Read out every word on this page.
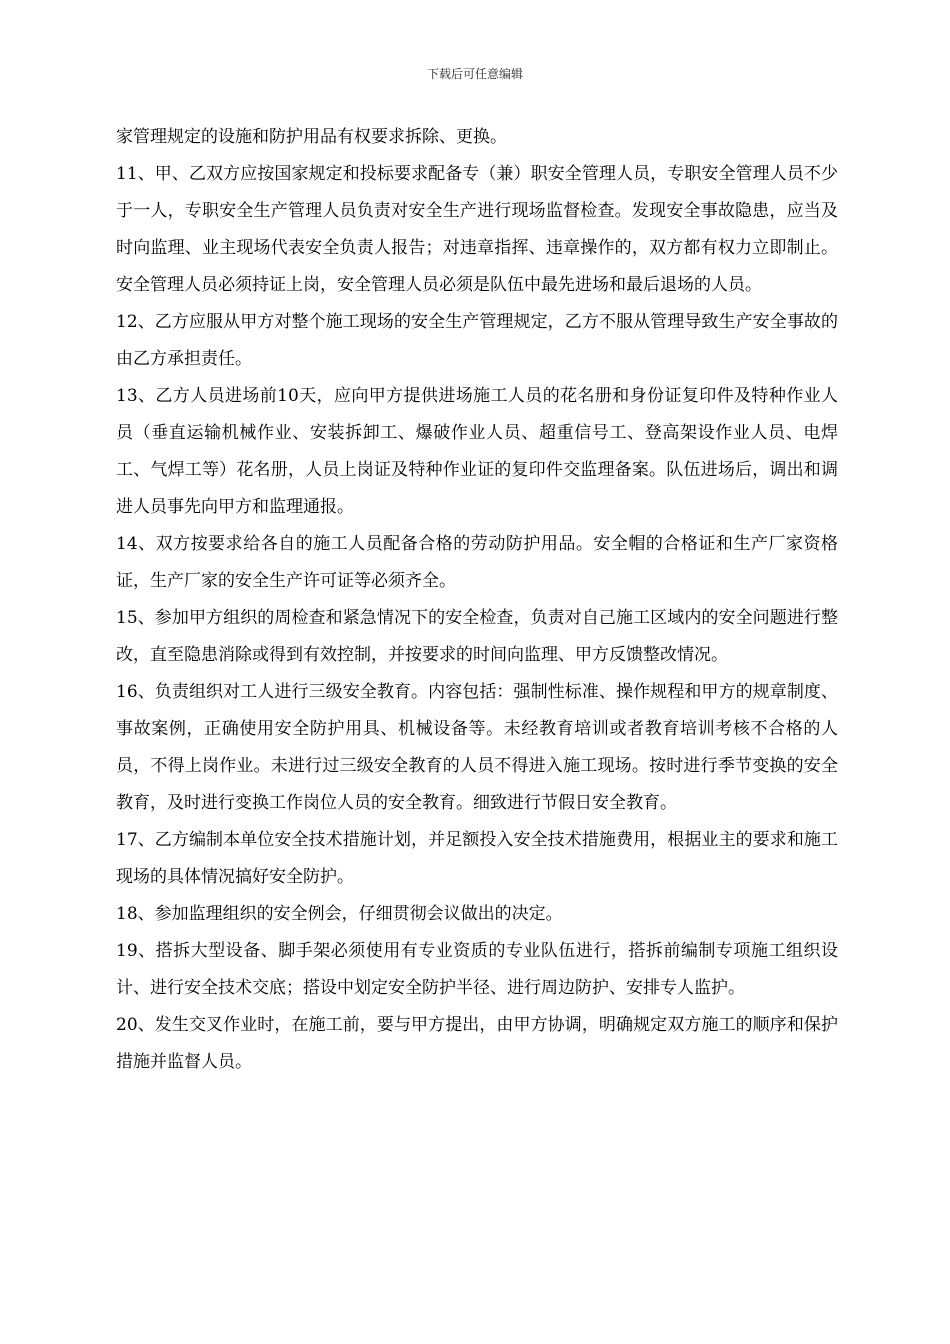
下载后可任意编辑

家管理规定的设施和防护用品有权要求拆除、更换。

11、甲、乙双方应按国家规定和投标要求配备专（兼）职安全管理人员，专职安全管理人员不少于一人，专职安全生产管理人员负责对安全生产进行现场监督检查。发现安全事故隐患，应当及时向监理、业主现场代表安全负责人报告；对违章指挥、违章操作的，双方都有权力立即制止。安全管理人员必须持证上岗，安全管理人员必须是队伍中最先进场和最后退场的人员。

12、乙方应服从甲方对整个施工现场的安全生产管理规定，乙方不服从管理导致生产安全事故的由乙方承担责任。

13、乙方人员进场前10天，应向甲方提供进场施工人员的花名册和身份证复印件及特种作业人员（垂直运输机械作业、安装拆卸工、爆破作业人员、超重信号工、登高架设作业人员、电焊工、气焊工等）花名册，人员上岗证及特种作业证的复印件交监理备案。队伍进场后，调出和调进人员事先向甲方和监理通报。

14、双方按要求给各自的施工人员配备合格的劳动防护用品。安全帽的合格证和生产厂家资格证，生产厂家的安全生产许可证等必须齐全。

15、参加甲方组织的周检查和紧急情况下的安全检查，负责对自己施工区域内的安全问题进行整改，直至隐患消除或得到有效控制，并按要求的时间向监理、甲方反馈整改情况。

16、负责组织对工人进行三级安全教育。内容包括：强制性标准、操作规程和甲方的规章制度、事故案例，正确使用安全防护用具、机械设备等。未经教育培训或者教育培训考核不合格的人员，不得上岗作业。未进行过三级安全教育的人员不得进入施工现场。按时进行季节变换的安全教育，及时进行变换工作岗位人员的安全教育。细致进行节假日安全教育。

17、乙方编制本单位安全技术措施计划，并足额投入安全技术措施费用，根据业主的要求和施工现场的具体情况搞好安全防护。

18、参加监理组织的安全例会，仔细贯彻会议做出的决定。

19、搭拆大型设备、脚手架必须使用有专业资质的专业队伍进行，搭拆前编制专项施工组织设计、进行安全技术交底；搭设中划定安全防护半径、进行周边防护、安排专人监护。

20、发生交叉作业时，在施工前，要与甲方提出，由甲方协调，明确规定双方施工的顺序和保护措施并监督人员。
